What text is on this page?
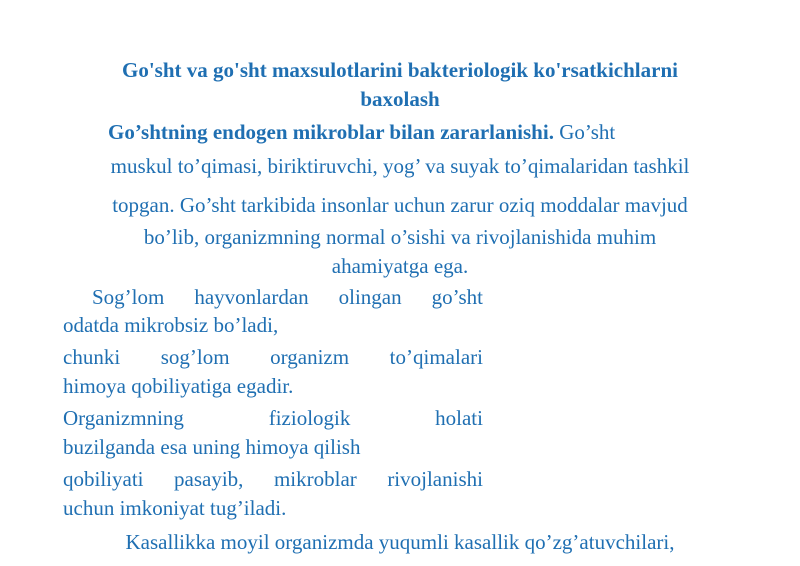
Go'sht va go'sht maxsulotlarini bakteriologik ko'rsatkichlarni
baxolash
Go’shtning endogen mikroblar bilan zararlanishi. Go’sht
muskul to’qimasi, biriktiruvchi, yog’ va suyak to’qimalaridan tashkil
topgan. Go’sht tarkibida insonlar uchun zarur oziq moddalar mavjud
bo’lib, organizmning normal o’sishi va rivojlanishida muhim
ahamiyatga ega.
Sog’lom hayvonlardan olingan go’sht
odatda mikrobsiz bo’ladi,
chunki sog’lom organizm to’qimalari
himoya qobiliyatiga egadir.
Organizmning	fiziologik	holati
buzilganda esa uning himoya qilish
qobiliyati pasayib, mikroblar rivojlanishi
uchun imkoniyat tug’iladi.
Kasallikka moyil organizmda yuqumli kasallik qo’zg’atuvchilari,
